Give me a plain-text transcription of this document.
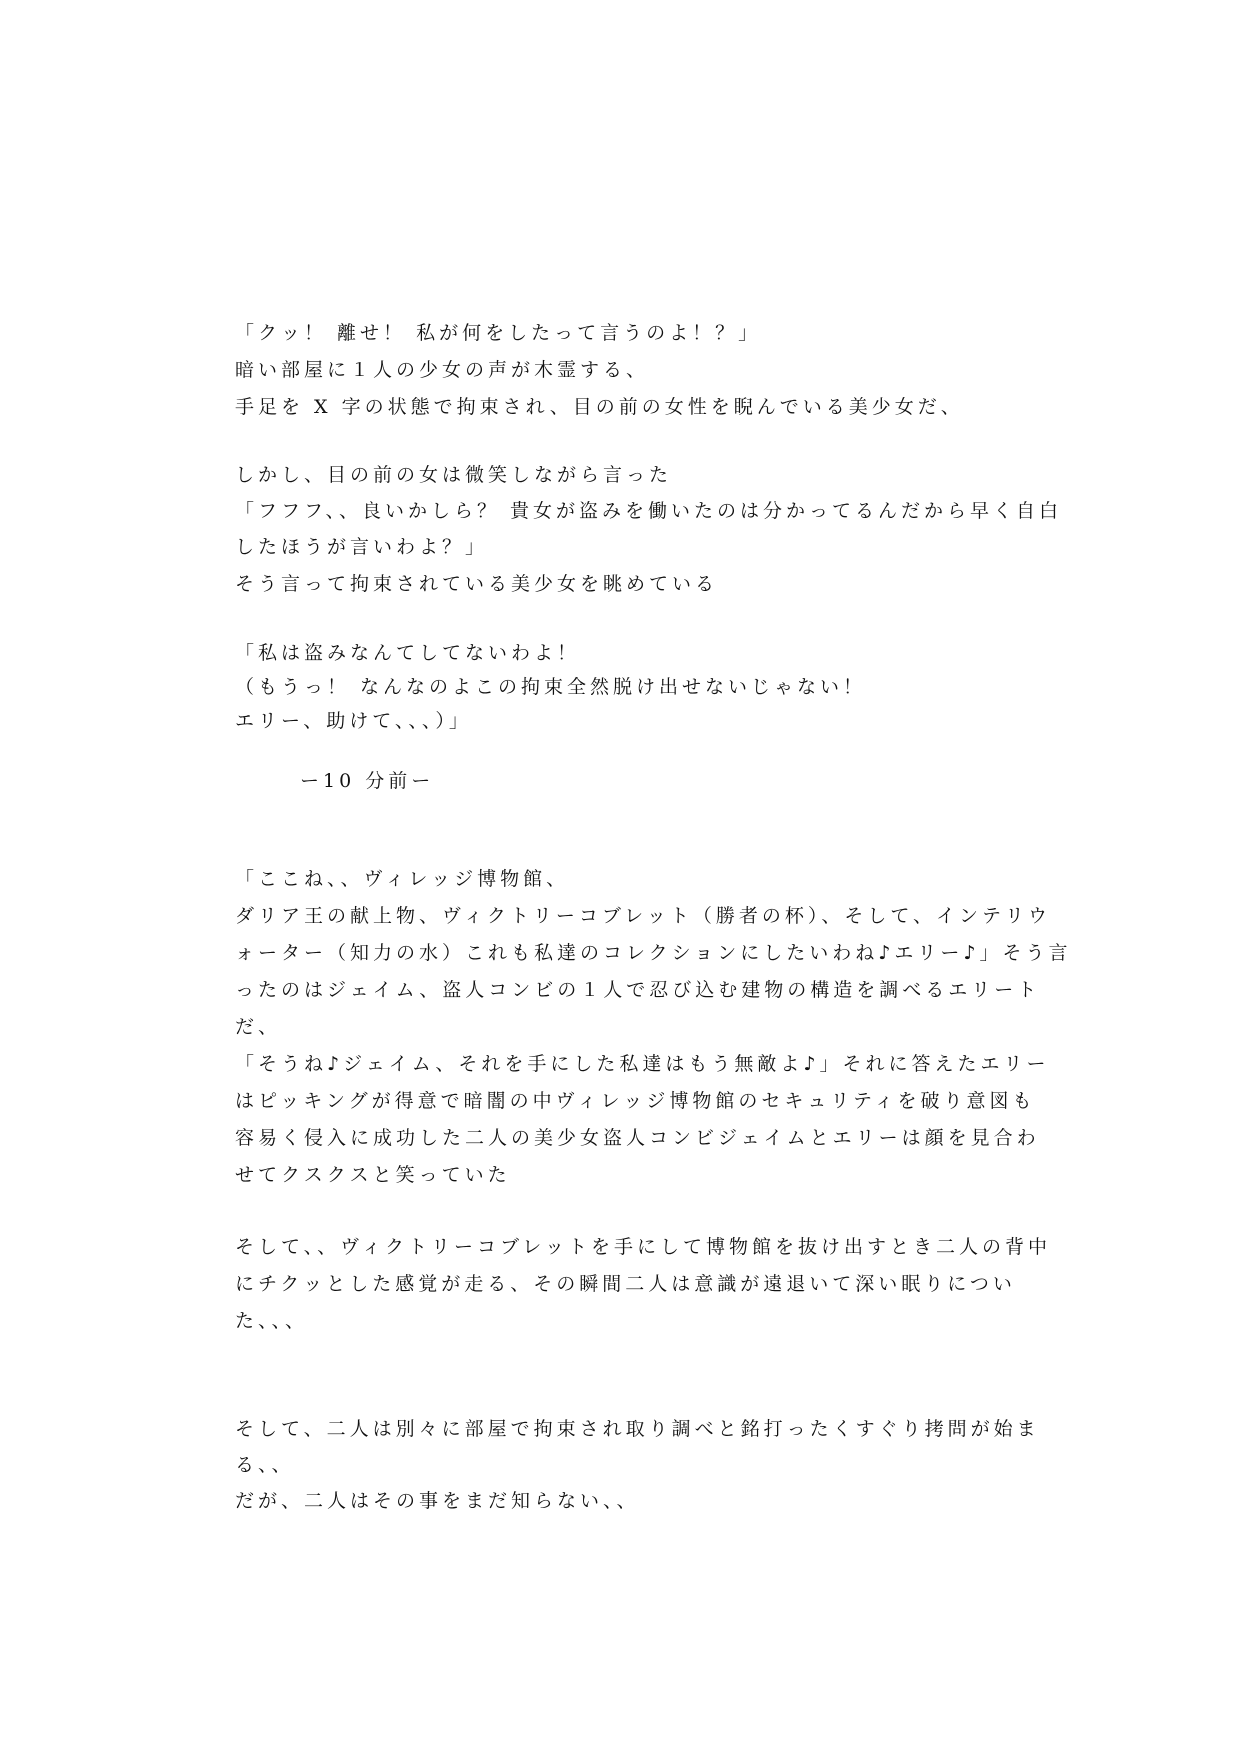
「クッ！ 離せ！ 私が何をしたって言うのよ！？」
暗い部屋に１人の少女の声が木霊する、
手足を X 字の状態で拘束され、目の前の女性を睨んでいる美少女だ、
しかし、目の前の女は微笑しながら言った
「フフフ、、良いかしら？ 貴女が盗みを働いたのは分かってるんだから早く自白
したほうが言いわよ？」
そう言って拘束されている美少女を眺めている
「私は盗みなんてしてないわよ！
（もうっ！ なんなのよこの拘束全然脱け出せないじゃない！
エリー、助けて、、、）」
ー10 分前ー
「ここね、、ヴィレッジ博物館、
ダリア王の献上物、ヴィクトリーコブレット（勝者の杯）、そして、インテリウ
ォーター（知力の水）これも私達のコレクションにしたいわね♪エリー♪」そう言
ったのはジェイム、盗人コンビの１人で忍び込む建物の構造を調べるエリート
だ、
「そうね♪ジェイム、それを手にした私達はもう無敵よ♪」それに答えたエリー
はピッキングが得意で暗闇の中ヴィレッジ博物館のセキュリティを破り意図も
容易く侵入に成功した二人の美少女盗人コンビジェイムとエリーは顔を見合わ
せてクスクスと笑っていた
そして、、ヴィクトリーコブレットを手にして博物館を抜け出すとき二人の背中
にチクッとした感覚が走る、その瞬間二人は意識が遠退いて深い眠りについ
た、、、
そして、二人は別々に部屋で拘束され取り調べと銘打ったくすぐり拷問が始ま
る、、
だが、二人はその事をまだ知らない、、
